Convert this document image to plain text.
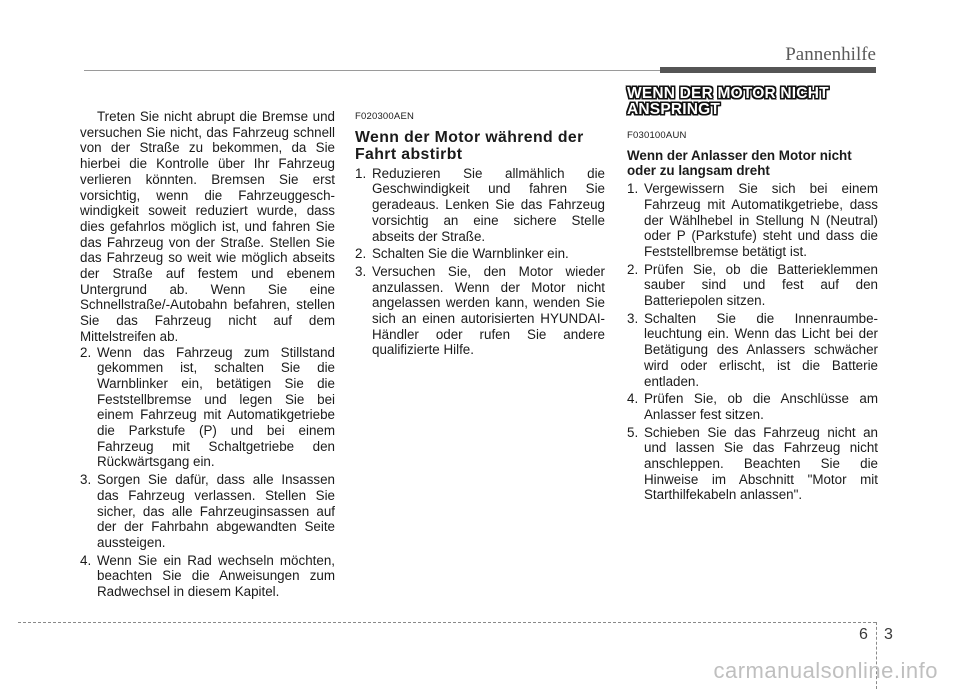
Pannenhilfe

Treten Sie nicht abrupt die Bremse und versuchen Sie nicht, das Fahrzeug schnell von der Straße zu bekommen, da Sie hierbei die Kontrolle über Ihr Fahrzeug verlieren könnten. Bremsen Sie erst vorsichtig, wenn die Fahrzeuggesch-windigkeit soweit reduziert wurde, dass dies gefahrlos möglich ist, und fahren Sie das Fahrzeug von der Straße. Stellen Sie das Fahrzeug so weit wie möglich abseits der Straße auf festem und ebenem Untergrund ab. Wenn Sie eine Schnellstraße/-Autobahn befahren, stellen Sie das Fahrzeug nicht auf dem Mittelstreifen ab.

2. Wenn das Fahrzeug zum Stillstand gekommen ist, schalten Sie die Warnblinker ein, betätigen Sie die Feststellbremse und legen Sie bei einem Fahrzeug mit Automatikgetriebe die Parkstufe (P) und bei einem Fahrzeug mit Schaltgetriebe den Rückwärtsgang ein.
3. Sorgen Sie dafür, dass alle Insassen das Fahrzeug verlassen. Stellen Sie sicher, das alle Fahrzeuginsassen auf der der Fahrbahn abgewandten Seite aussteigen.
4. Wenn Sie ein Rad wechseln möchten, beachten Sie die Anweisungen zum Radwechsel in diesem Kapitel.

F020300AEN

Wenn der Motor während der Fahrt abstirbt

1. Reduzieren Sie allmählich die Geschwindigkeit und fahren Sie geradeaus. Lenken Sie das Fahrzeug vorsichtig an eine sichere Stelle abseits der Straße.
2. Schalten Sie die Warnblinker ein.
3. Versuchen Sie, den Motor wieder anzulassen. Wenn der Motor nicht angelassen werden kann, wenden Sie sich an einen autorisierten HYUNDAI-Händler oder rufen Sie andere qualifizierte Hilfe.
WENN DER MOTOR NICHT ANSPRINGT

F030100AUN

Wenn der Anlasser den Motor nicht oder zu langsam dreht

1. Vergewissern Sie sich bei einem Fahrzeug mit Automatikgetriebe, dass der Wählhebel in Stellung N (Neutral) oder P (Parkstufe) steht und dass die Feststellbremse betätigt ist.
2. Prüfen Sie, ob die Batterieklemmen sauber sind und fest auf den Batteriepolen sitzen.
3. Schalten Sie die Innenraumbe-leuchtung ein. Wenn das Licht bei der Betätigung des Anlassers schwächer wird oder erlischt, ist die Batterie entladen.
4. Prüfen Sie, ob die Anschlüsse am Anlasser fest sitzen.
5. Schieben Sie das Fahrzeug nicht an und lassen Sie das Fahrzeug nicht anschleppen. Beachten Sie die Hinweise im Abschnitt "Motor mit Starthilfekabeln anlassen".
6 3
carmanualsonline.info
